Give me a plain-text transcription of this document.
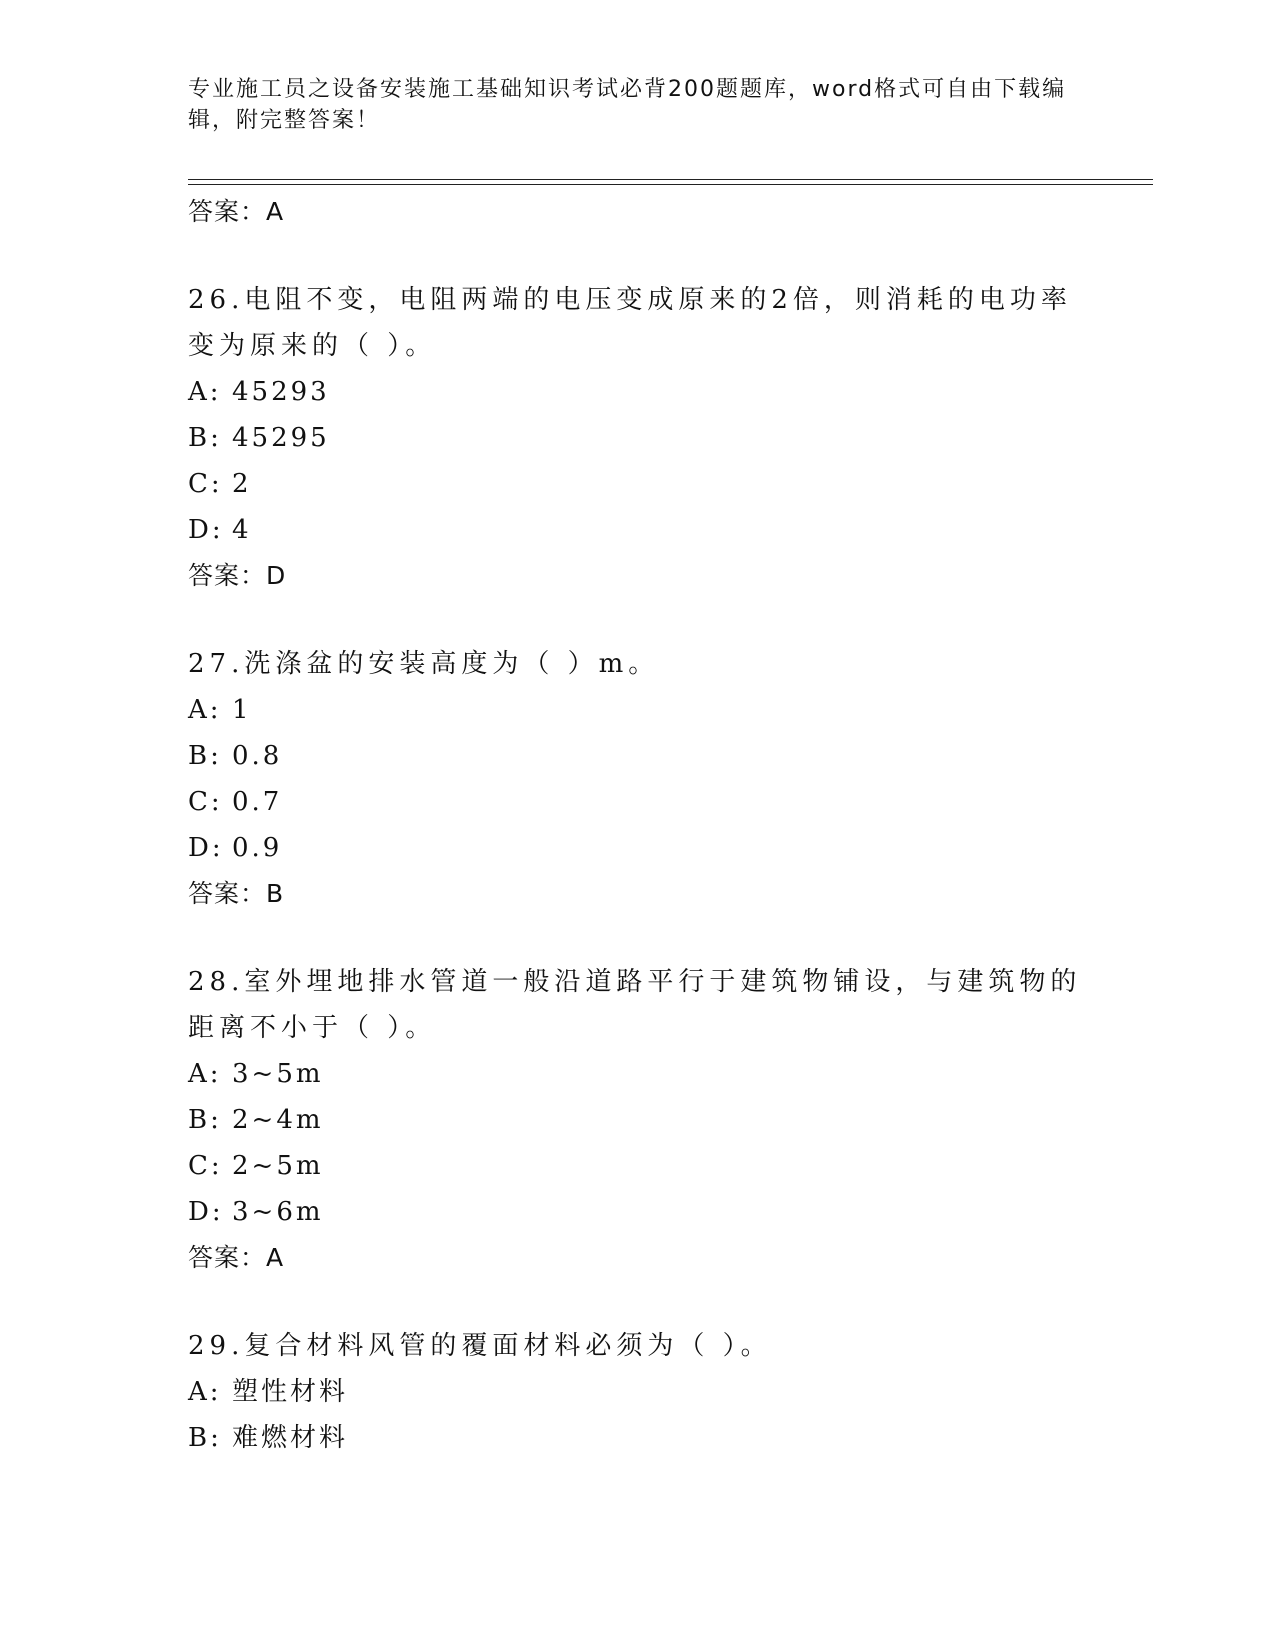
专业施工员之设备安装施工基础知识考试必背200题题库，word格式可自由下载编辑，附完整答案！
答案：A
26.电阻不变，电阻两端的电压变成原来的2倍，则消耗的电功率变为原来的（ ）。
A: 45293
B: 45295
C: 2
D: 4
答案：D
27.洗涤盆的安装高度为（ ）m。
A: 1
B: 0.8
C: 0.7
D: 0.9
答案：B
28.室外埋地排水管道一般沿道路平行于建筑物铺设，与建筑物的距离不小于（ ）。
A: 3~5m
B: 2~4m
C: 2~5m
D: 3~6m
答案：A
29.复合材料风管的覆面材料必须为（ ）。
A: 塑性材料
B: 难燃材料
